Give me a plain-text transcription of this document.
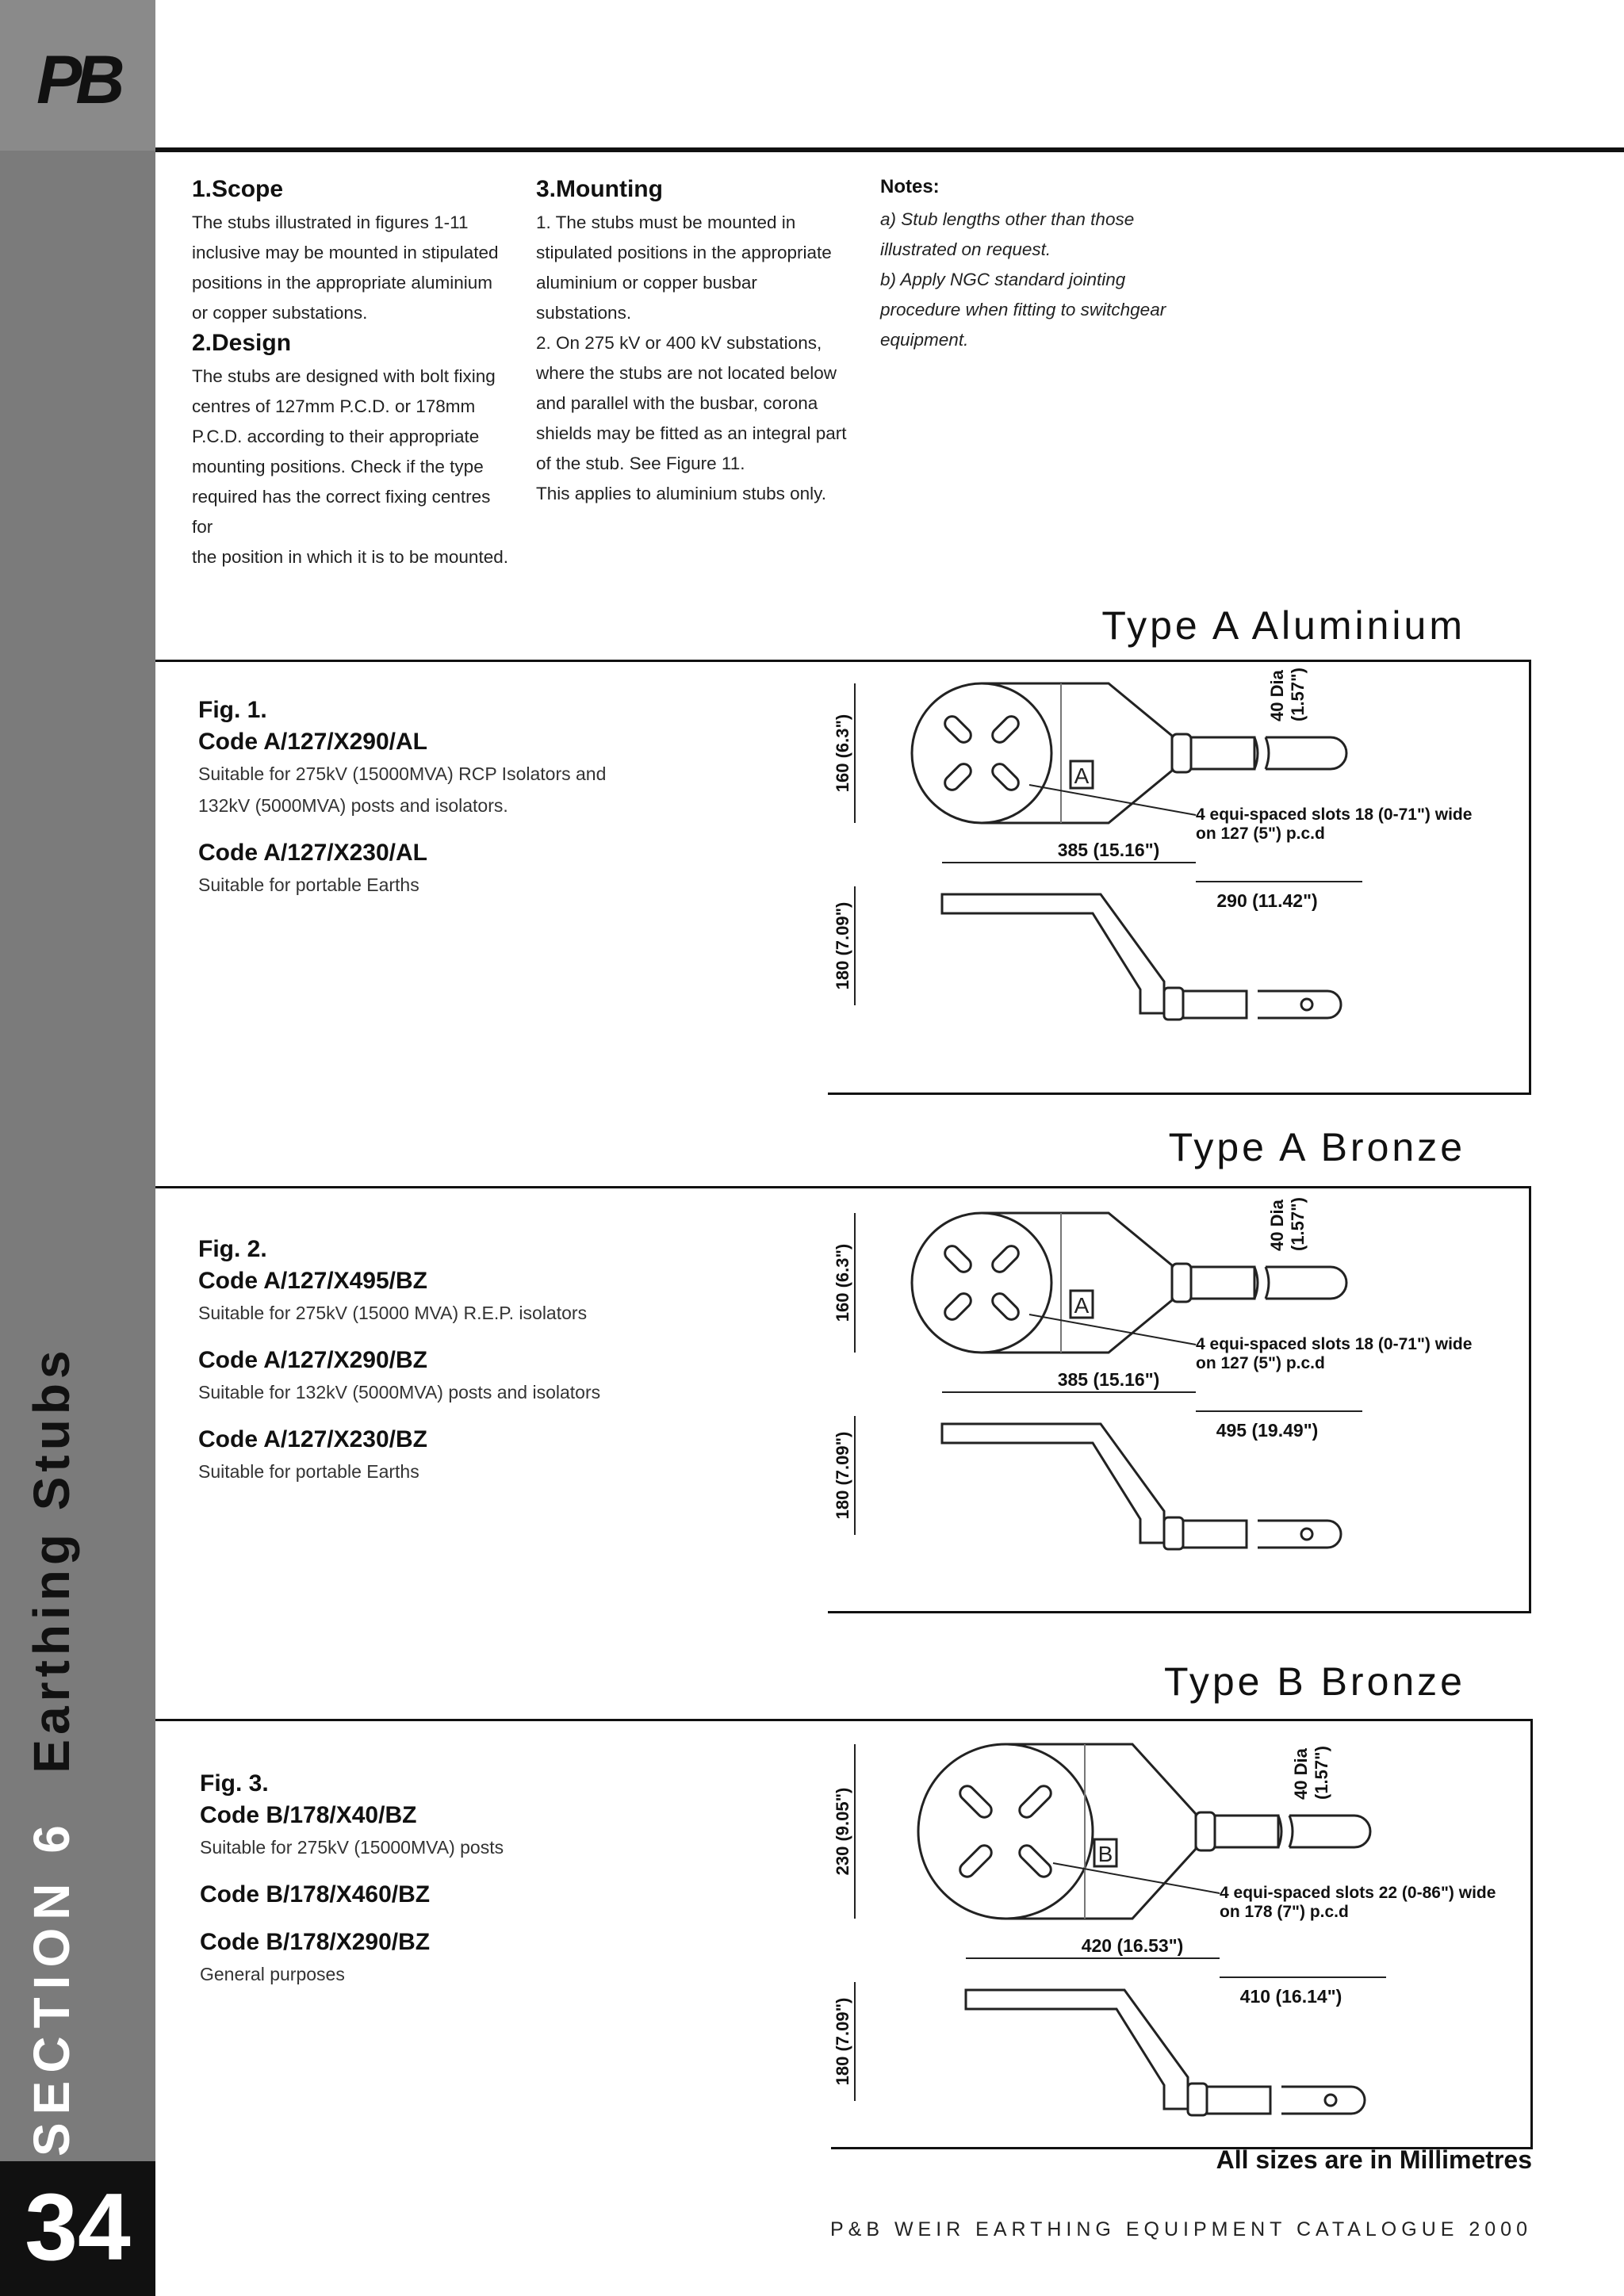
PB
SECTION 6  Earthing Stubs
34

1.Scope

The stubs illustrated in figures 1-11
inclusive may be mounted in stipulated
positions in the appropriate aluminium
or copper substations.

2.Design

The stubs are designed with bolt fixing
centres of 127mm P.C.D. or 178mm
P.C.D. according to their appropriate
mounting positions. Check if the type
required has the correct fixing centres for
the position in which it is to be mounted.

3.Mounting

1. The stubs must be mounted in
stipulated positions in the appropriate
aluminium or copper busbar
substations.
2. On 275 kV or 400 kV substations,
where the stubs are not located below
and parallel with the busbar, corona
shields may be fitted as an integral part
of the stub. See Figure 11.
This applies to aluminium stubs only.

Notes:

a) Stub lengths other than those
illustrated on request.
b) Apply NGC standard jointing
procedure when fitting to switchgear
equipment.

Type A Aluminium
Fig. 1.
Code A/127/X290/AL
Suitable for 275kV (15000MVA) RCP Isolators and
132kV (5000MVA) posts and isolators.
Code A/127/X230/AL
Suitable for portable Earths
Type A Bronze
Fig. 2.
Code A/127/X495/BZ
Suitable for 275kV (15000 MVA) R.E.P. isolators
Code A/127/X290/BZ
Suitable for 132kV (5000MVA) posts and isolators
Code A/127/X230/BZ
Suitable for portable Earths
Type B Bronze
Fig. 3.
Code B/178/X40/BZ
Suitable for 275kV (15000MVA) posts
Code B/178/X460/BZ
Code B/178/X290/BZ
General purposes
A
160 (6.3")
40 Dia (1.57")
4 equi-spaced slots 18 (0-71") wide
on 127 (5") p.c.d
385 (15.16")
180 (7.09")
290 (11.42")
A
160 (6.3")
40 Dia (1.57")
4 equi-spaced slots 18 (0-71") wide
on 127 (5") p.c.d
385 (15.16")
180 (7.09")
495 (19.49")
B
230 (9.05")
40 Dia (1.57")
4 equi-spaced slots 22 (0-86") wide
on 178 (7") p.c.d
420 (16.53")
180 (7.09")
410 (16.14")
All sizes are in Millimetres
P&B WEIR EARTHING EQUIPMENT CATALOGUE 2000
